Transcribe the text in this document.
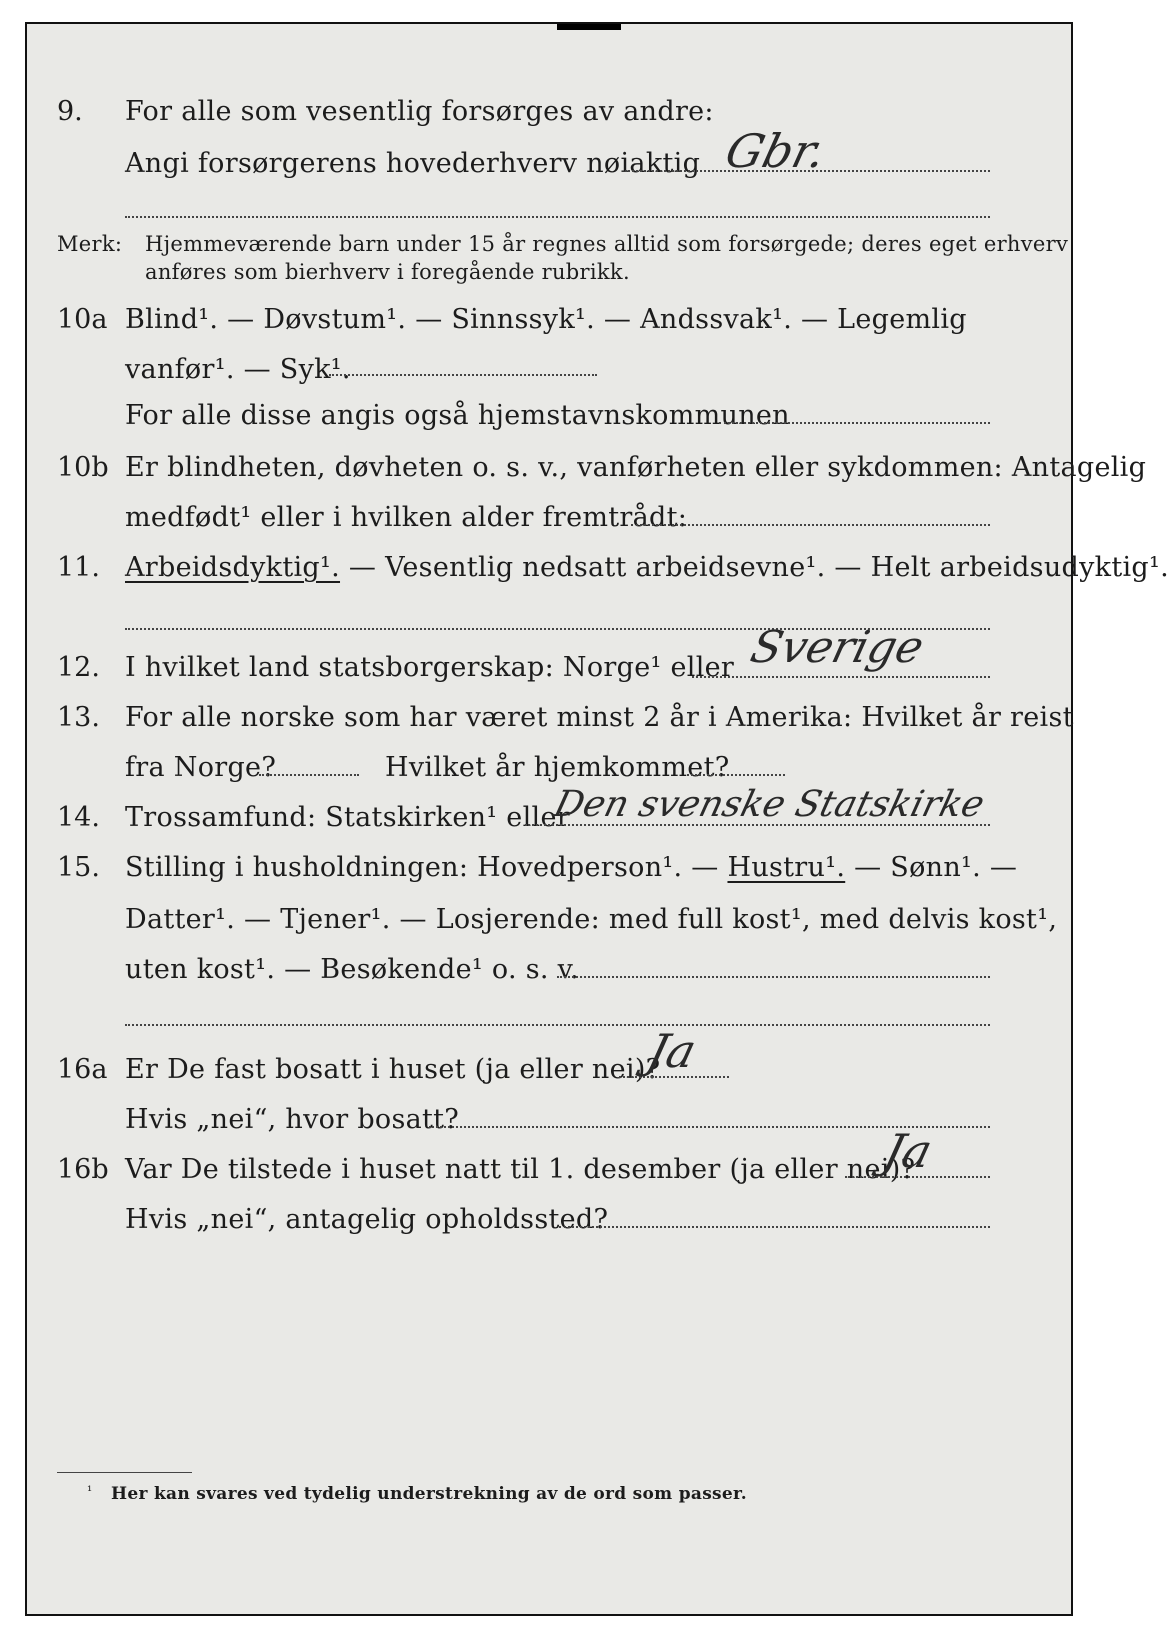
9. For alle som vesentlig forsørges av andre:
Angi forsørgerens hovederhverv nøiaktig Gbr.
Merk: Hjemmeværende barn under 15 år regnes alltid som forsørgede; deres eget erhverv
anføres som bierhverv i foregående rubrikk.
10a Blind¹. — Døvstum¹. — Sinnssyk¹. — Andssvak¹. — Legemlig
vanfør¹. — Syk¹.
For alle disse angis også hjemstavnskommunen
10b Er blindheten, døvheten o. s. v., vanførheten eller sykdommen: Antagelig
medfødt¹ eller i hvilken alder fremtrådt:
11. Arbeidsdyktig¹. — Vesentlig nedsatt arbeidsevne¹. — Helt arbeidsudyktig¹.
12. I hvilket land statsborgerskap: Norge¹ eller Sverige
13. For alle norske som har været minst 2 år i Amerika: Hvilket år reist
fra Norge?	Hvilket år hjemkommet?
14. Trossamfund: Statskirken¹ eller
Den svenske Statskirke
15. Stilling i husholdningen: Hovedperson¹. — Hustru¹. — Sønn¹. —
Datter¹. — Tjener¹. — Losjerende: med full kost¹, med delvis kost¹,
uten kost¹. — Besøkende¹ o. s. v.
16a Er De fast bosatt i huset (ja eller nei)?
Ja
Hvis „nei“, hvor bosatt?
16b Var De tilstede i huset natt til 1. desember (ja eller nei)?
Ja
Hvis „nei“, antagelig opholdssted?
¹ Her kan svares ved tydelig understrekning av de ord som passer.
